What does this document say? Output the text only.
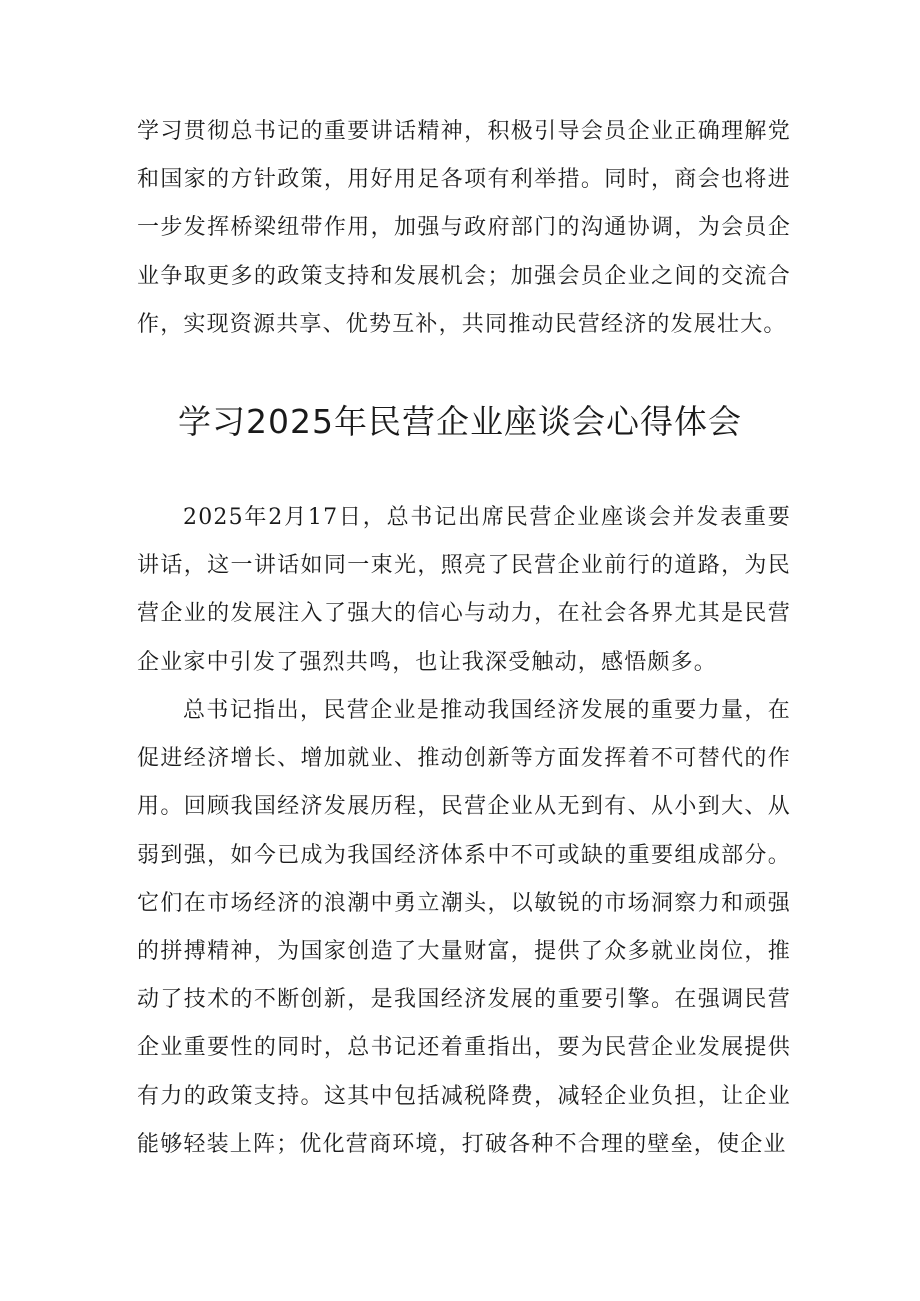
学习贯彻总书记的重要讲话精神，积极引导会员企业正确理解党和国家的方针政策，用好用足各项有利举措。同时，商会也将进一步发挥桥梁纽带作用，加强与政府部门的沟通协调，为会员企业争取更多的政策支持和发展机会；加强会员企业之间的交流合作，实现资源共享、优势互补，共同推动民营经济的发展壮大。

学习2025年民营企业座谈会心得体会

2025年2月17日，总书记出席民营企业座谈会并发表重要讲话，这一讲话如同一束光，照亮了民营企业前行的道路，为民营企业的发展注入了强大的信心与动力，在社会各界尤其是民营企业家中引发了强烈共鸣，也让我深受触动，感悟颇多。

总书记指出，民营企业是推动我国经济发展的重要力量，在促进经济增长、增加就业、推动创新等方面发挥着不可替代的作用。回顾我国经济发展历程，民营企业从无到有、从小到大、从弱到强，如今已成为我国经济体系中不可或缺的重要组成部分。它们在市场经济的浪潮中勇立潮头，以敏锐的市场洞察力和顽强的拼搏精神，为国家创造了大量财富，提供了众多就业岗位，推动了技术的不断创新，是我国经济发展的重要引擎。在强调民营企业重要性的同时，总书记还着重指出，要为民营企业发展提供有力的政策支持。这其中包括减税降费，减轻企业负担，让企业能够轻装上阵；优化营商环境，打破各种不合理的壁垒，使企业
